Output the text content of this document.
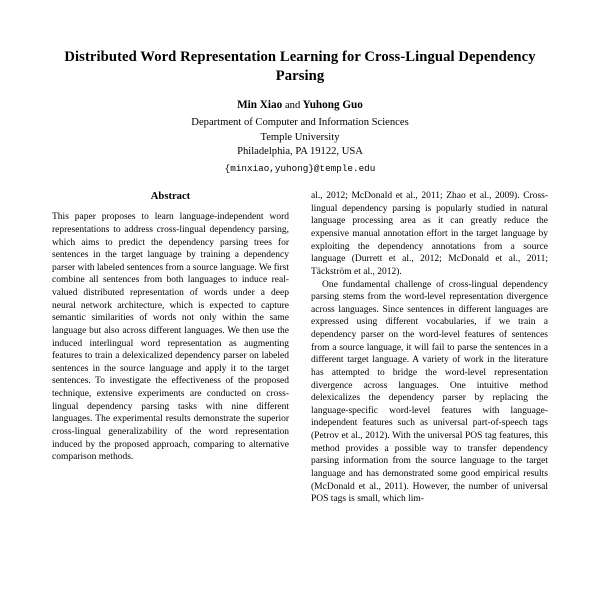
Distributed Word Representation Learning for Cross-Lingual Dependency Parsing
Min Xiao and Yuhong Guo
Department of Computer and Information Sciences
Temple University
Philadelphia, PA 19122, USA
{minxiao,yuhong}@temple.edu
Abstract

This paper proposes to learn language-independent word representations to address cross-lingual dependency parsing, which aims to predict the dependency parsing trees for sentences in the target language by training a dependency parser with labeled sentences from a source language. We first combine all sentences from both languages to induce real-valued distributed representation of words under a deep neural network architecture, which is expected to capture semantic similarities of words not only within the same language but also across different languages. We then use the induced interlingual word representation as augmenting features to train a delexicalized dependency parser on labeled sentences in the source language and apply it to the target sentences. To investigate the effectiveness of the proposed technique, extensive experiments are conducted on cross-lingual dependency parsing tasks with nine different languages. The experimental results demonstrate the superior cross-lingual generalizability of the word representation induced by the proposed approach, comparing to alternative comparison methods.

al., 2012; McDonald et al., 2011; Zhao et al., 2009). Cross-lingual dependency parsing is popularly studied in natural language processing area as it can greatly reduce the expensive manual annotation effort in the target language by exploiting the dependency annotations from a source language (Durrett et al., 2012; McDonald et al., 2011; Täckström et al., 2012).

One fundamental challenge of cross-lingual dependency parsing stems from the word-level representation divergence across languages. Since sentences in different languages are expressed using different vocabularies, if we train a dependency parser on the word-level features of sentences from a source language, it will fail to parse the sentences in a different target language. A variety of work in the literature has attempted to bridge the word-level representation divergence across languages. One intuitive method delexicalizes the dependency parser by replacing the language-specific word-level features with language-independent features such as universal part-of-speech tags (Petrov et al., 2012). With the universal POS tag features, this method provides a possible way to transfer dependency parsing information from the source language to the target language and has demonstrated some good empirical results (McDonald et al., 2011). However, the number of universal POS tags is small, which lim-
